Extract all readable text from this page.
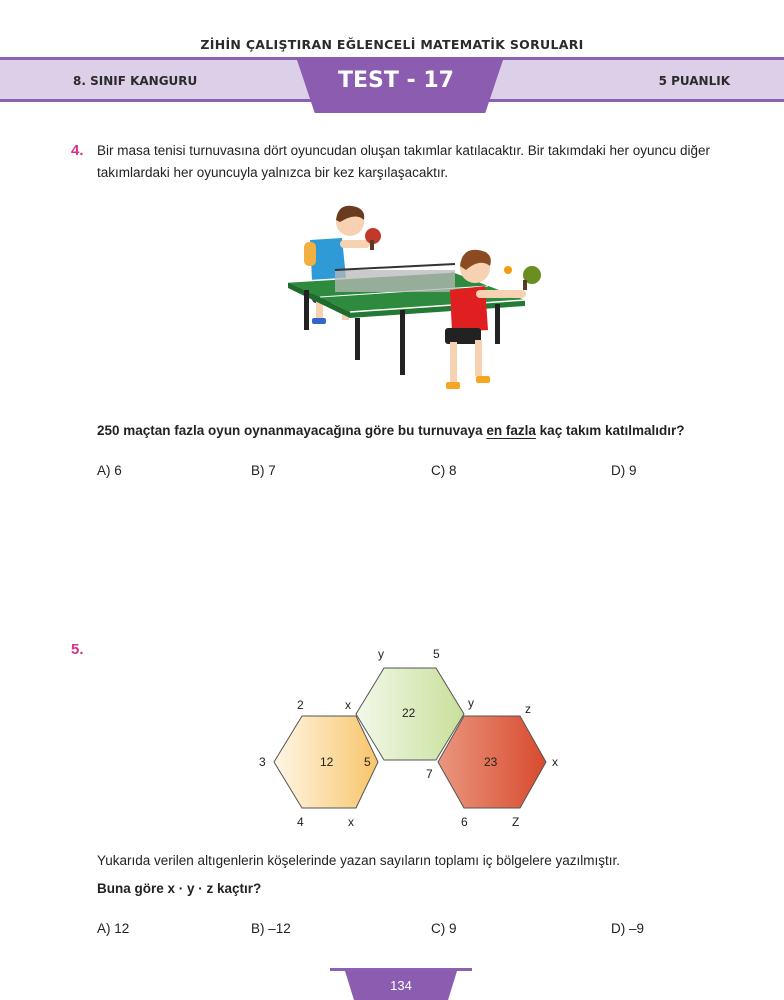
ZİHİN ÇALIŞTIRAN EĞLENCELİ MATEMATİK SORULARI
8. SINIF KANGURU	5 PUANLIK
TEST - 17
4. Bir masa tenisi turnuvasına dört oyuncudan oluşan takımlar katılacaktır. Bir takımdaki her oyuncu diğer
takımlardaki her oyuncuyla yalnızca bir kez karşılaşacaktır.
250 maçtan fazla oyun oynanmayacağına göre bu turnuvaya en fazla kaç takım katılmalıdır?
A) 6	B) 7	C) 8	D) 9
5.
2	x
3	5
4	x
12
y	5
y
7
22	z
x
6	Z
23
Yukarıda verilen altıgenlerin köşelerinde yazan sayıların toplamı iç bölgelere yazılmıştır.
Buna göre x · y · z kaçtır?
A) 12	B) –12	C) 9	D) –9
134
